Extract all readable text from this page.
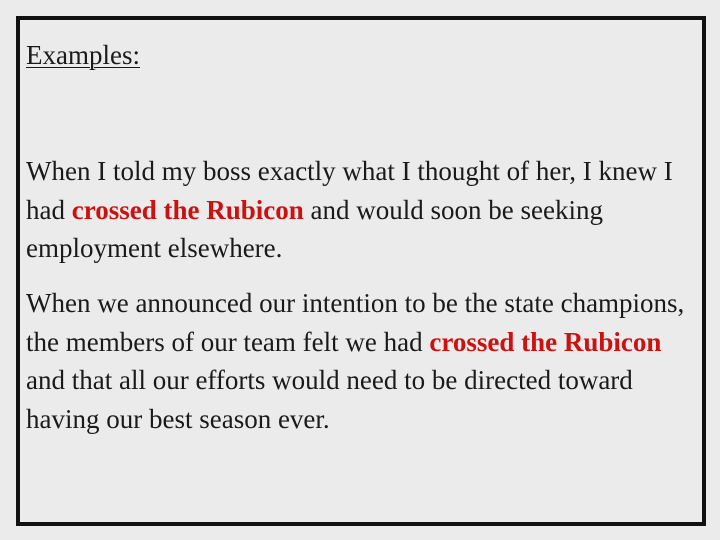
Examples:

When I told my boss exactly what I thought of her, I knew I had crossed the Rubicon and would soon be seeking employment elsewhere.

When we announced our intention to be the state champions, the members of our team felt we had crossed the Rubicon and that all our efforts would need to be directed toward having our best season ever.
